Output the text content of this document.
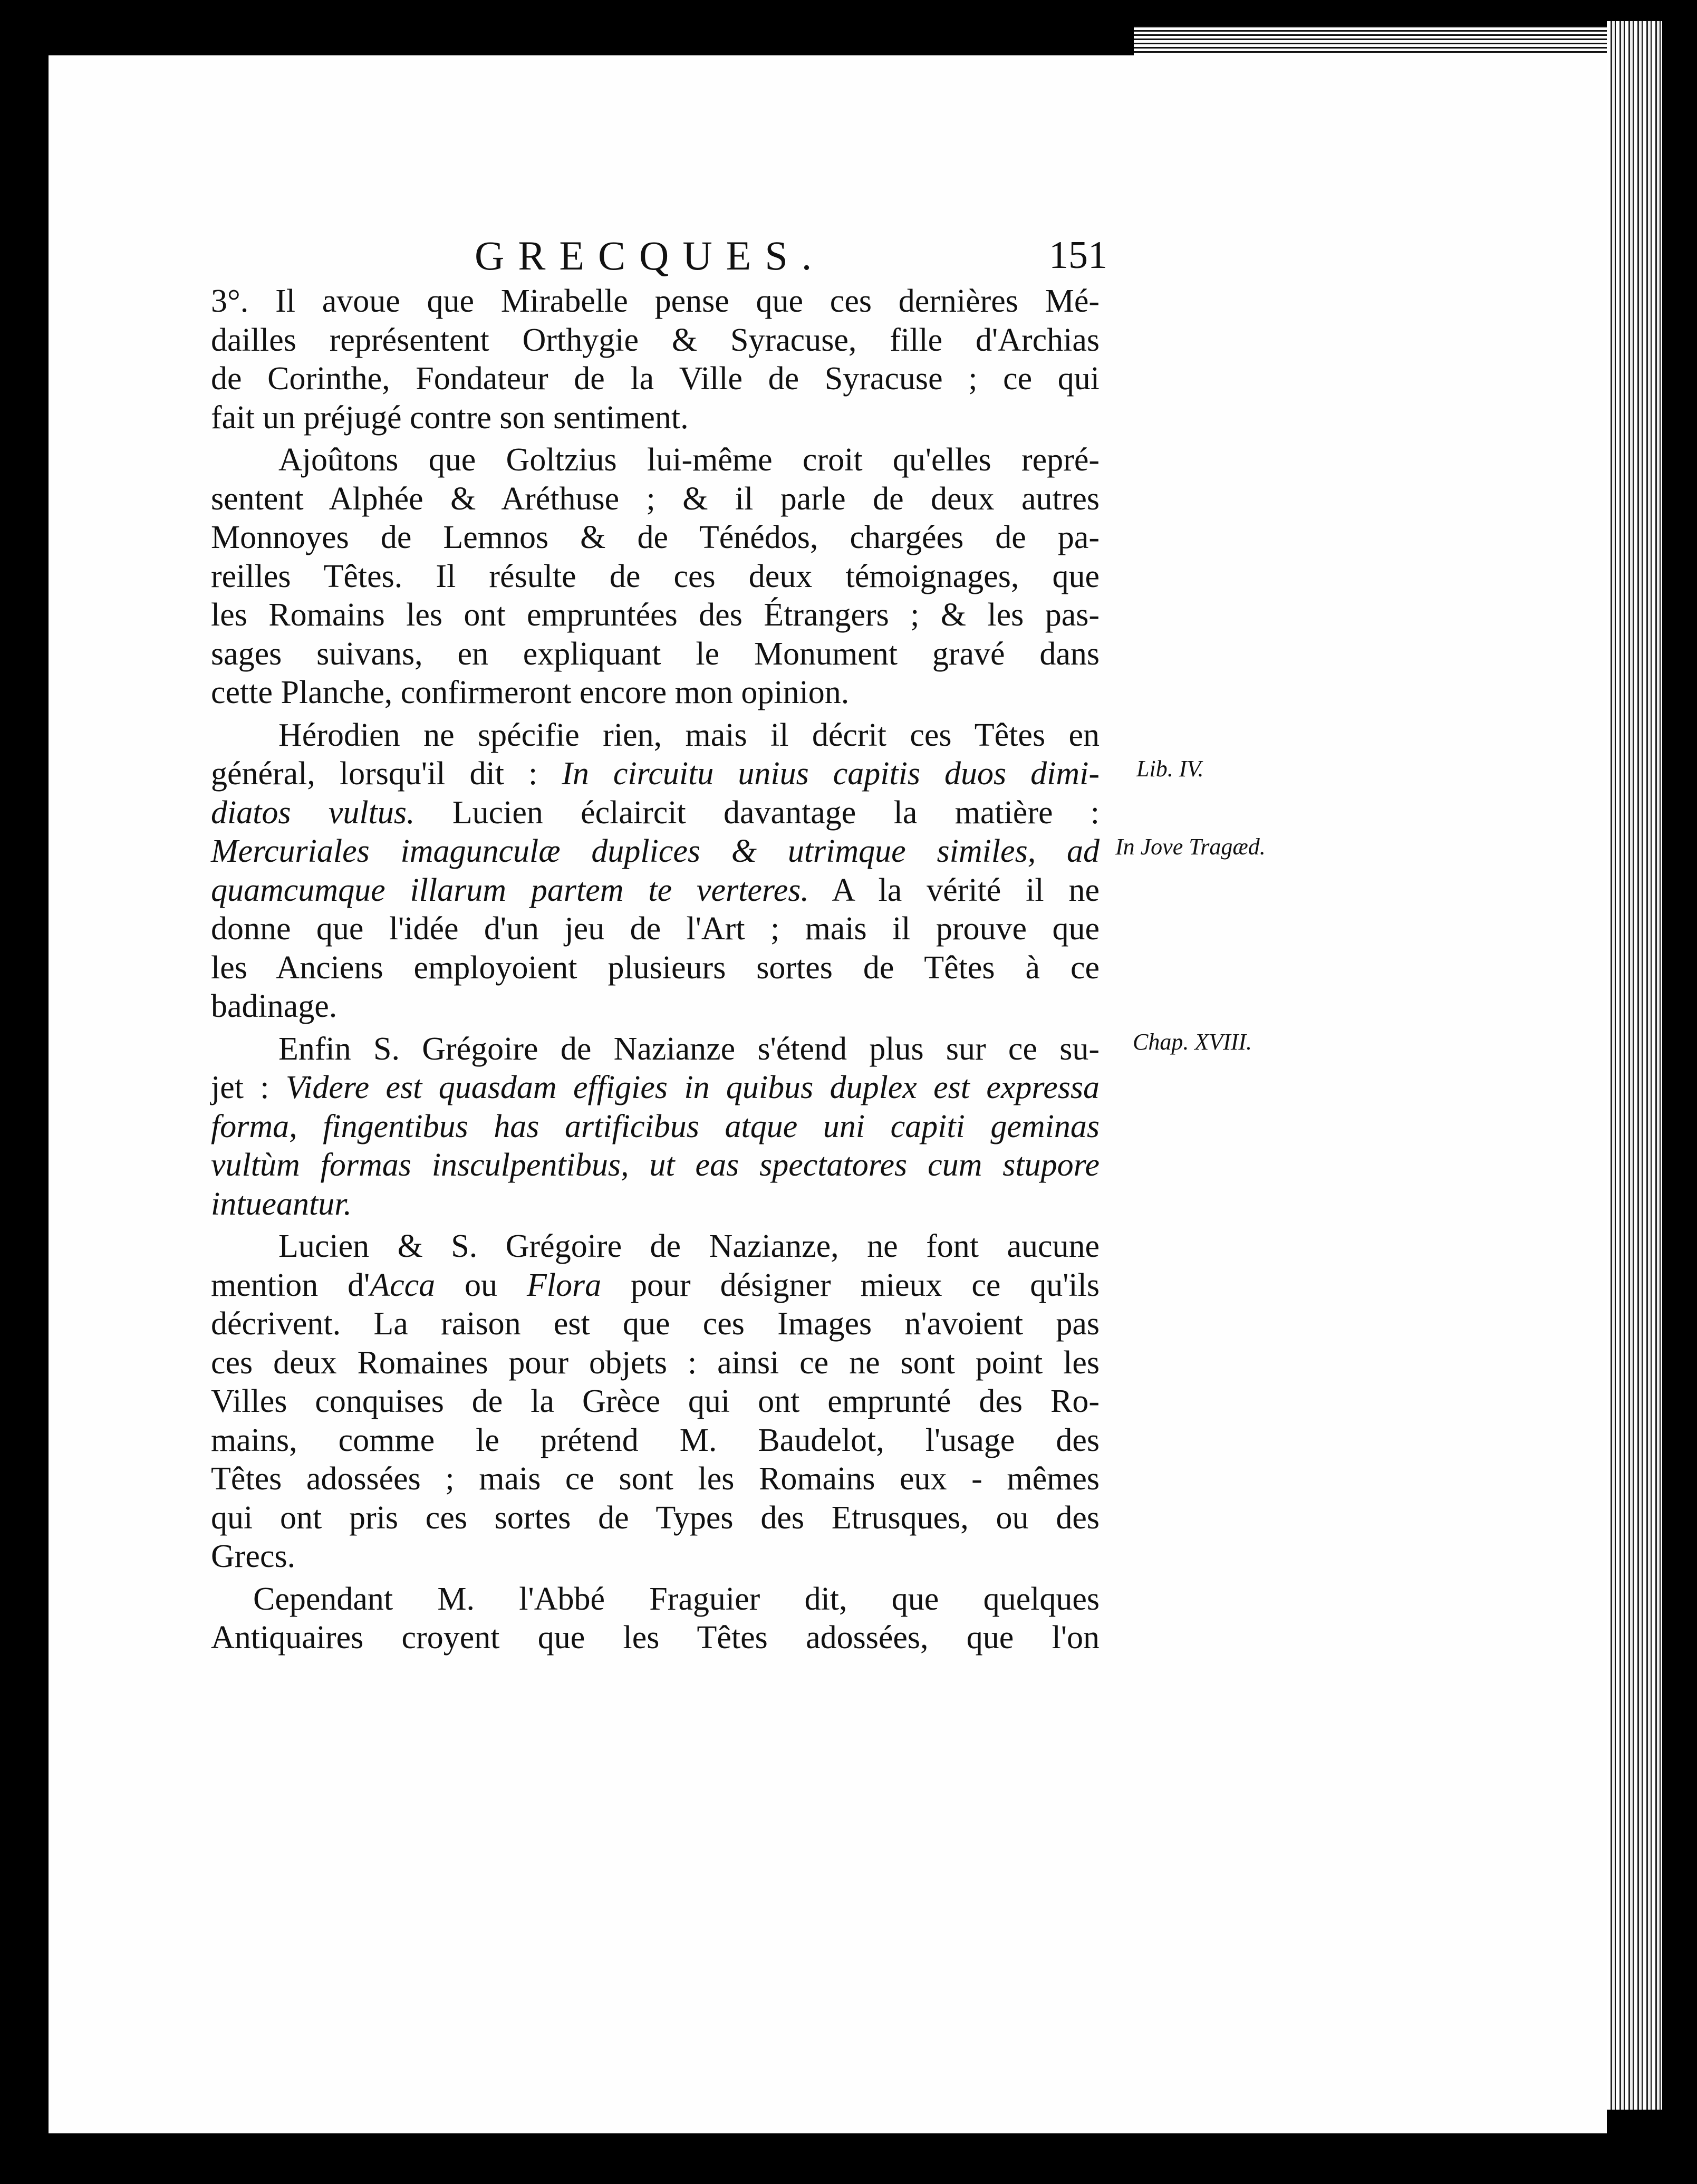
GRECQUES.	151

3°. Il avoue que Mirabelle pense que ces dernières Mé-
dailles représentent Orthygie & Syracuse, fille d'Archias
de Corinthe, Fondateur de la Ville de Syracuse ; ce qui
fait un préjugé contre son sentiment.

Ajoûtons que Goltzius lui-même croit qu'elles repré-
sentent Alphée & Aréthuse ; & il parle de deux autres
Monnoyes de Lemnos & de Ténédos, chargées de pa-
reilles Têtes. Il résulte de ces deux témoignages, que
les Romains les ont empruntées des Étrangers ; & les pas-
sages suivans, en expliquant le Monument gravé dans
cette Planche, confirmeront encore mon opinion.

Hérodien ne spécifie rien, mais il décrit ces Têtes en
général, lorsqu'il dit : In circuitu unius capitis duos dimi-
diatos vultus. Lucien éclaircit davantage la matière :
Mercuriales imagunculæ duplices & utrimque similes, ad
quamcumque illarum partem te verteres. A la vérité il ne
donne que l'idée d'un jeu de l'Art ; mais il prouve que
les Anciens employoient plusieurs sortes de Têtes à ce
badinage.

Enfin S. Grégoire de Nazianze s'étend plus sur ce su-
jet : Videre est quasdam effigies in quibus duplex est expressa
forma, fingentibus has artificibus atque uni capiti geminas
vultùm formas insculpentibus, ut eas spectatores cum stupore
intueantur.

Lucien & S. Grégoire de Nazianze, ne font aucune
mention d'Acca ou Flora pour désigner mieux ce qu'ils
décrivent. La raison est que ces Images n'avoient pas
ces deux Romaines pour objets : ainsi ce ne sont point les
Villes conquises de la Grèce qui ont emprunté des Ro-
mains, comme le prétend M. Baudelot, l'usage des
Têtes adossées ; mais ce sont les Romains eux - mêmes
qui ont pris ces sortes de Types des Etrusques, ou des
Grecs.

Cependant M. l'Abbé Fraguier dit, que quelques
Antiquaires croyent que les Têtes adossées, que l'on

Lib. IV.
In Jove Tragæd.
Chap. XVIII.
